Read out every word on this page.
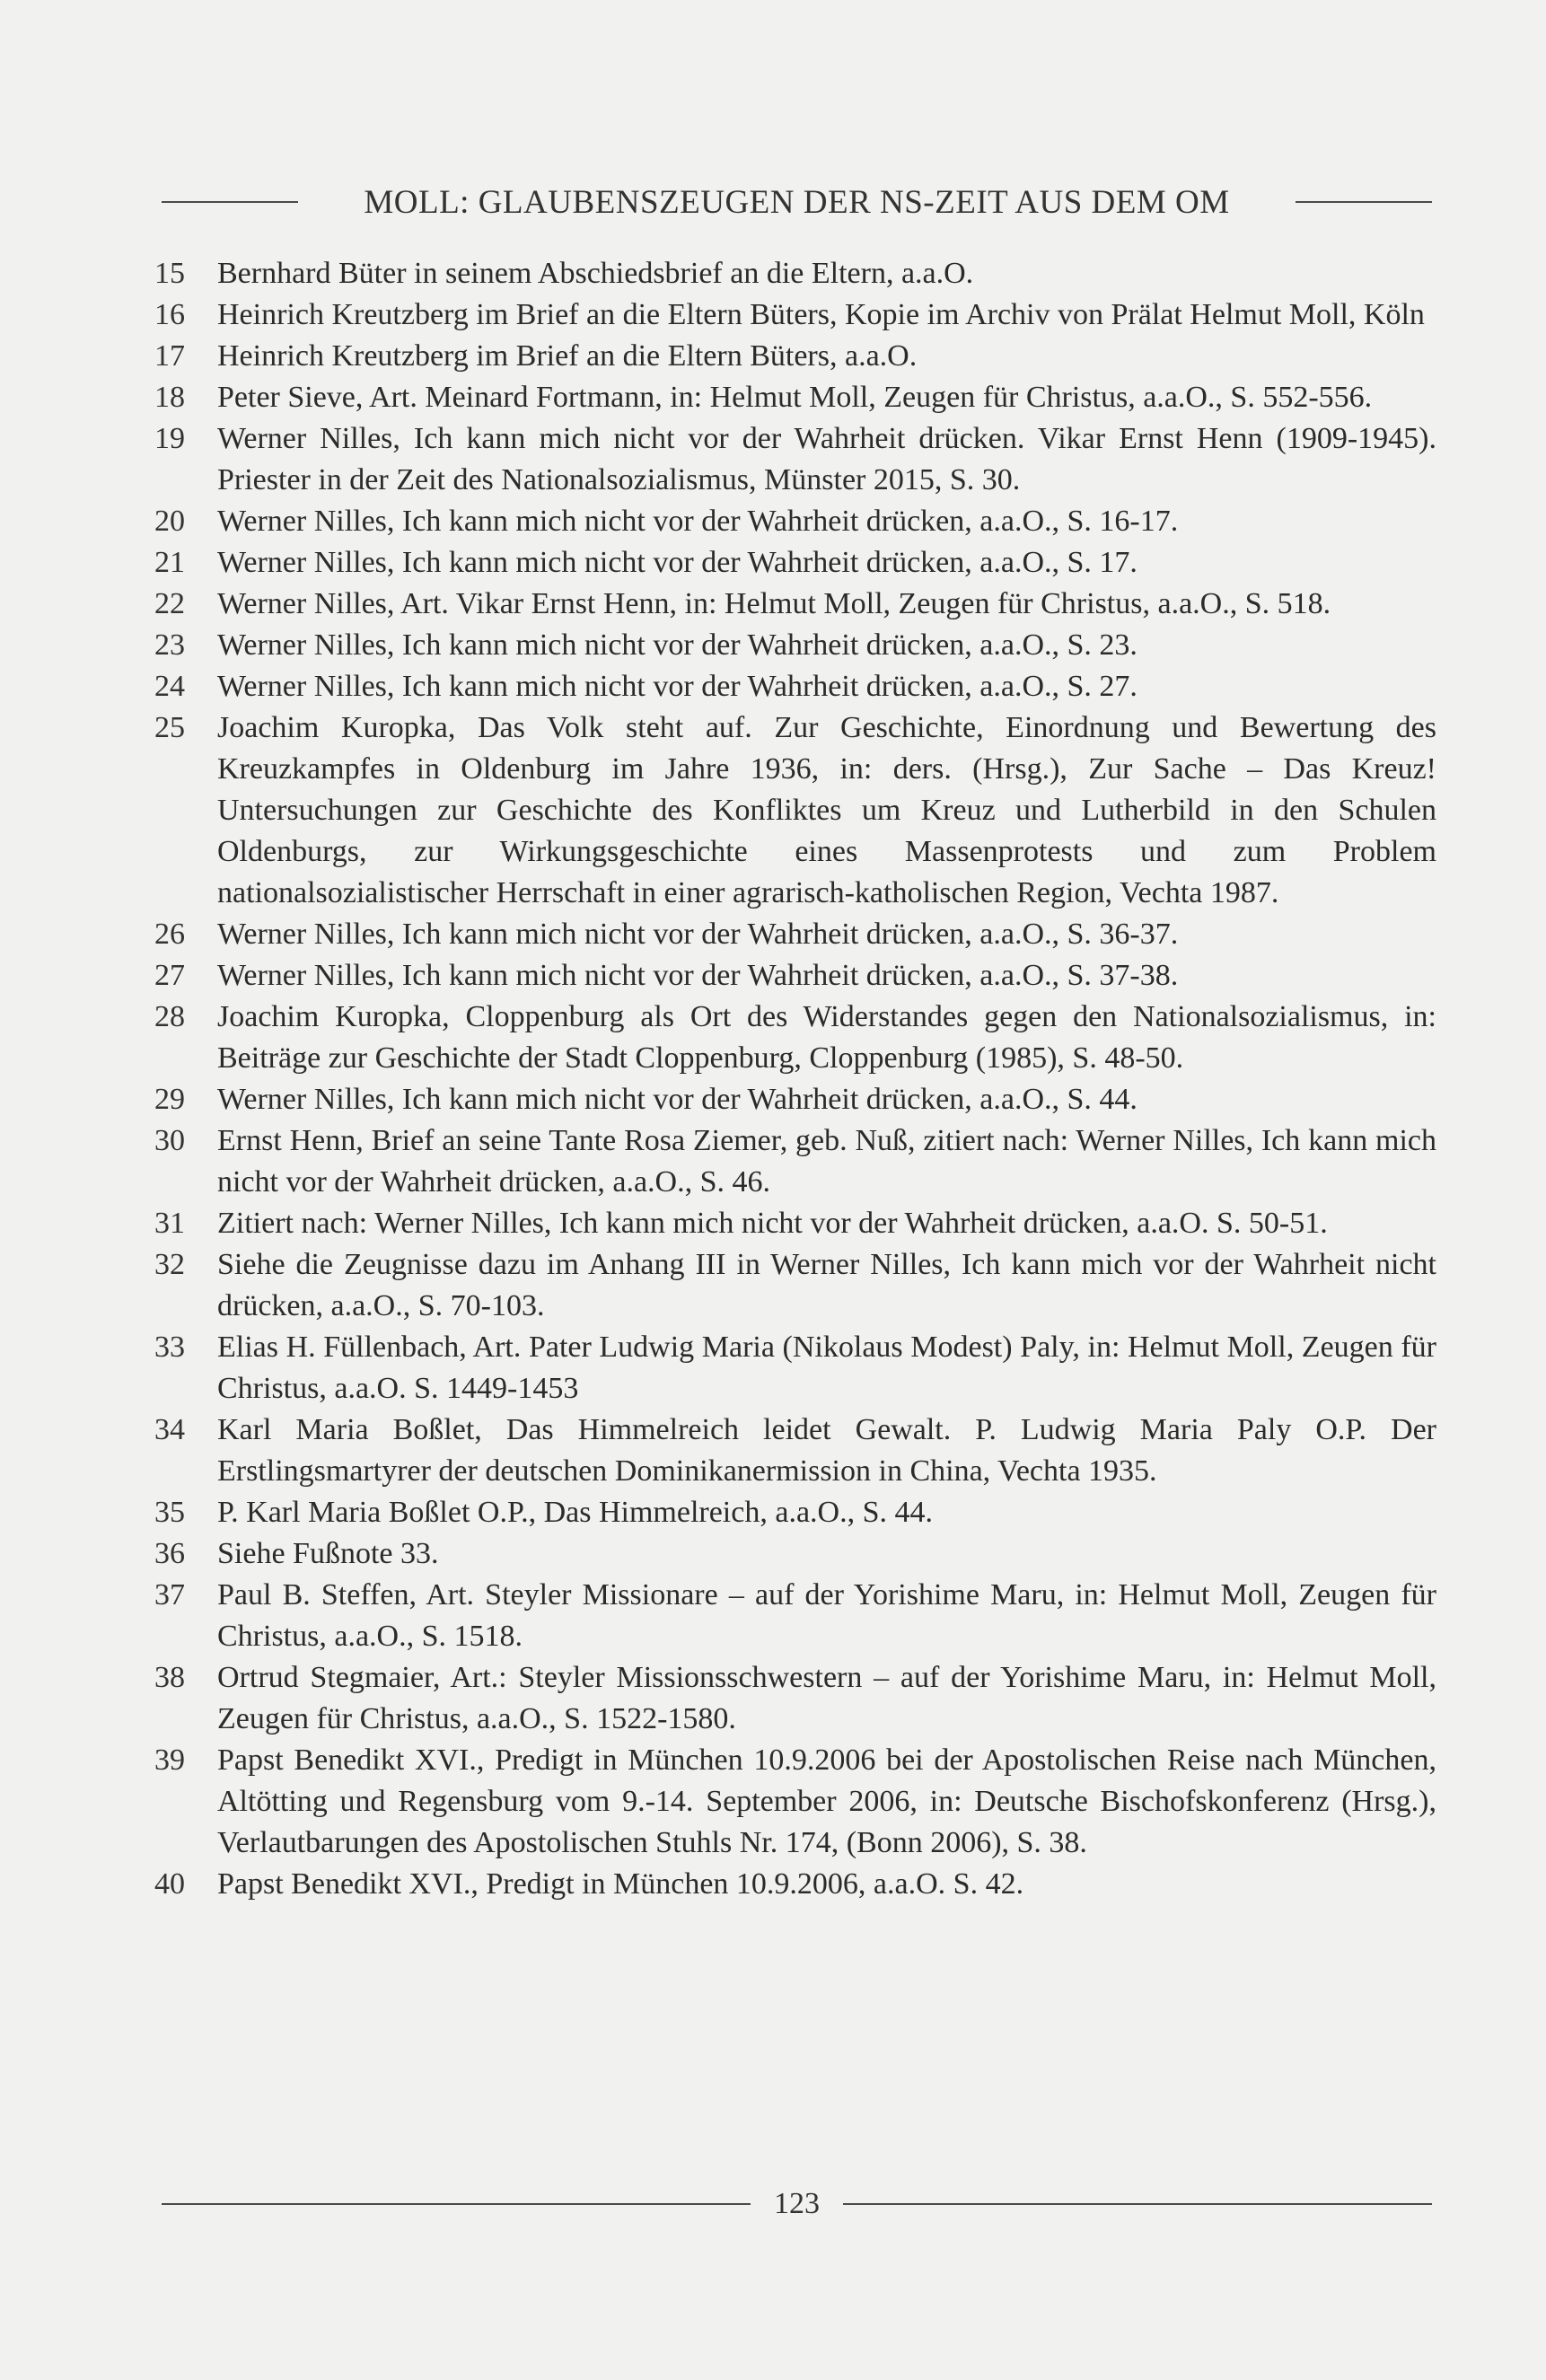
MOLL: GLAUBENSZEUGEN DER NS-ZEIT AUS DEM OM
15	Bernhard Büter in seinem Abschiedsbrief an die Eltern, a.a.O.
16	Heinrich Kreutzberg im Brief an die Eltern Büters, Kopie im Archiv von Prälat Helmut Moll, Köln
17	Heinrich Kreutzberg im Brief an die Eltern Büters, a.a.O.
18	Peter Sieve, Art. Meinard Fortmann, in: Helmut Moll, Zeugen für Christus, a.a.O., S. 552-556.
19	Werner Nilles, Ich kann mich nicht vor der Wahrheit drücken. Vikar Ernst Henn (1909-1945). Priester in der Zeit des Nationalsozialismus, Münster 2015, S. 30.
20	Werner Nilles, Ich kann mich nicht vor der Wahrheit drücken, a.a.O., S. 16-17.
21	Werner Nilles, Ich kann mich nicht vor der Wahrheit drücken, a.a.O., S. 17.
22	Werner Nilles, Art. Vikar Ernst Henn, in: Helmut Moll, Zeugen für Christus, a.a.O., S. 518.
23	Werner Nilles, Ich kann mich nicht vor der Wahrheit drücken, a.a.O., S. 23.
24	Werner Nilles, Ich kann mich nicht vor der Wahrheit drücken, a.a.O., S. 27.
25	Joachim Kuropka, Das Volk steht auf. Zur Geschichte, Einordnung und Bewertung des Kreuzkampfes in Oldenburg im Jahre 1936, in: ders. (Hrsg.), Zur Sache – Das Kreuz! Untersuchungen zur Geschichte des Konfliktes um Kreuz und Lutherbild in den Schulen Oldenburgs, zur Wirkungsgeschichte eines Massenprotests und zum Problem nationalsozialistischer Herrschaft in einer agrarisch-katholischen Region, Vechta 1987.
26	Werner Nilles, Ich kann mich nicht vor der Wahrheit drücken, a.a.O., S. 36-37.
27	Werner Nilles, Ich kann mich nicht vor der Wahrheit drücken, a.a.O., S. 37-38.
28	Joachim Kuropka, Cloppenburg als Ort des Widerstandes gegen den Nationalsozialismus, in: Beiträge zur Geschichte der Stadt Cloppenburg, Cloppenburg (1985), S. 48-50.
29	Werner Nilles, Ich kann mich nicht vor der Wahrheit drücken, a.a.O., S. 44.
30	Ernst Henn, Brief an seine Tante Rosa Ziemer, geb. Nuß, zitiert nach: Werner Nilles, Ich kann mich nicht vor der Wahrheit drücken, a.a.O., S. 46.
31	Zitiert nach: Werner Nilles, Ich kann mich nicht vor der Wahrheit drücken, a.a.O. S. 50-51.
32	Siehe die Zeugnisse dazu im Anhang III in Werner Nilles, Ich kann mich vor der Wahrheit nicht drücken, a.a.O., S. 70-103.
33	Elias H. Füllenbach, Art. Pater Ludwig Maria (Nikolaus Modest) Paly, in: Helmut Moll, Zeugen für Christus, a.a.O. S. 1449-1453
34	Karl Maria Boßlet, Das Himmelreich leidet Gewalt. P. Ludwig Maria Paly O.P. Der Erstlingsmartyrer der deutschen Dominikanermission in China, Vechta 1935.
35	P. Karl Maria Boßlet O.P., Das Himmelreich, a.a.O., S. 44.
36	Siehe Fußnote 33.
37	Paul B. Steffen, Art. Steyler Missionare – auf der Yorishime Maru, in: Helmut Moll, Zeugen für Christus, a.a.O., S. 1518.
38	Ortrud Stegmaier, Art.: Steyler Missionsschwestern – auf der Yorishime Maru, in: Helmut Moll, Zeugen für Christus, a.a.O., S. 1522-1580.
39	Papst Benedikt XVI., Predigt in München 10.9.2006 bei der Apostolischen Reise nach München, Altötting und Regensburg vom 9.-14. September 2006, in: Deutsche Bischofskonferenz (Hrsg.), Verlautbarungen des Apostolischen Stuhls Nr. 174, (Bonn 2006), S. 38.
40	Papst Benedikt XVI., Predigt in München 10.9.2006, a.a.O. S. 42.
123
